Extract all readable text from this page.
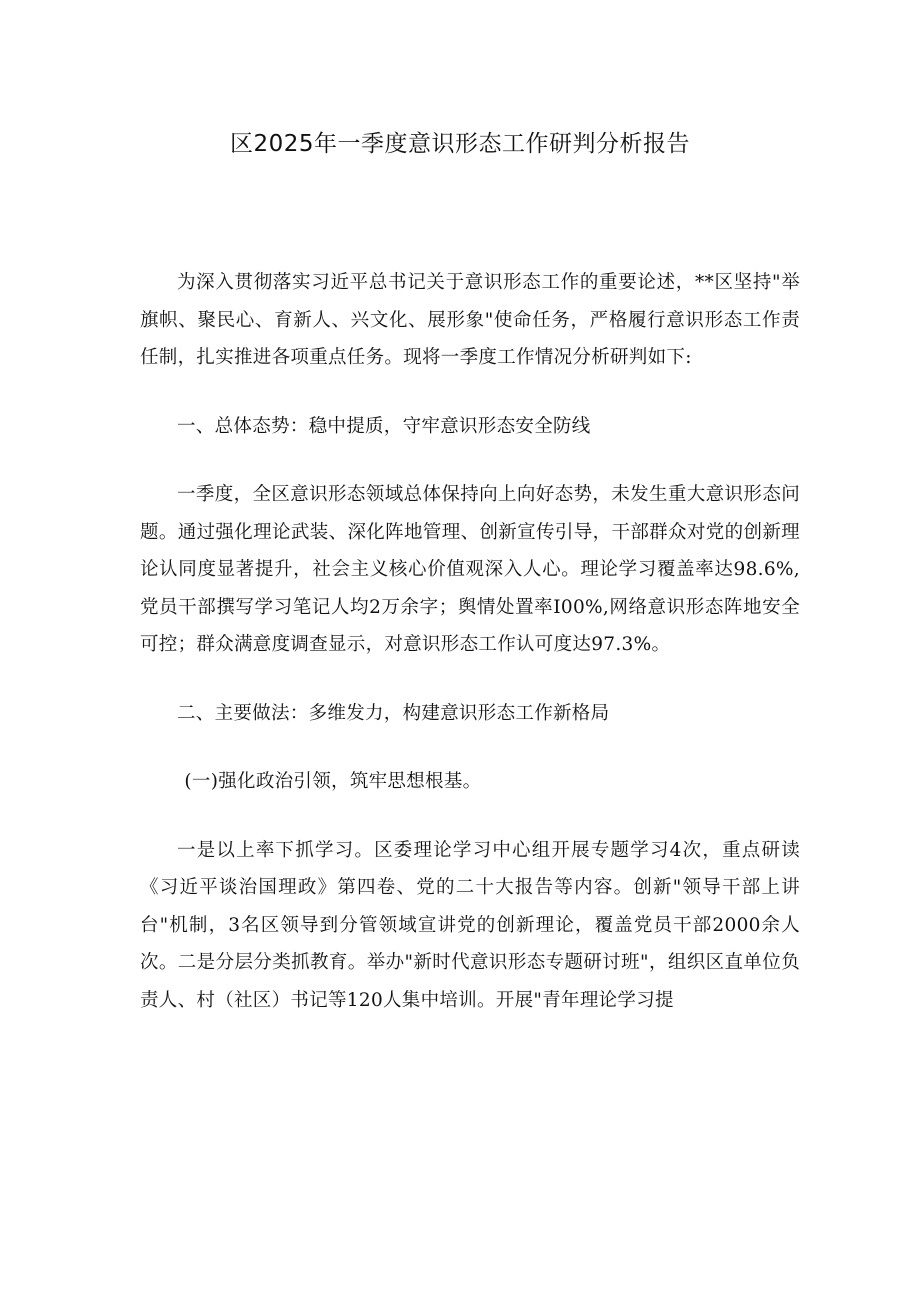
区2025年一季度意识形态工作研判分析报告

为深入贯彻落实习近平总书记关于意识形态工作的重要论述，**区坚持"举旗帜、聚民心、育新人、兴文化、展形象"使命任务，严格履行意识形态工作责任制，扎实推进各项重点任务。现将一季度工作情况分析研判如下:

一、总体态势：稳中提质，守牢意识形态安全防线

一季度，全区意识形态领域总体保持向上向好态势，未发生重大意识形态问题。通过强化理论武装、深化阵地管理、创新宣传引导，干部群众对党的创新理论认同度显著提升，社会主义核心价值观深入人心。理论学习覆盖率达98.6%,党员干部撰写学习笔记人均2万余字；舆情处置率I00%,网络意识形态阵地安全可控；群众满意度调查显示，对意识形态工作认可度达97.3%。

二、主要做法：多维发力，构建意识形态工作新格局

(一)强化政治引领，筑牢思想根基。

一是以上率下抓学习。区委理论学习中心组开展专题学习4次，重点研读《习近平谈治国理政》第四卷、党的二十大报告等内容。创新"领导干部上讲台"机制，3名区领导到分管领域宣讲党的创新理论，覆盖党员干部2000余人次。二是分层分类抓教育。举办"新时代意识形态专题研讨班"，组织区直单位负责人、村（社区）书记等120人集中培训。开展"青年理论学习提
